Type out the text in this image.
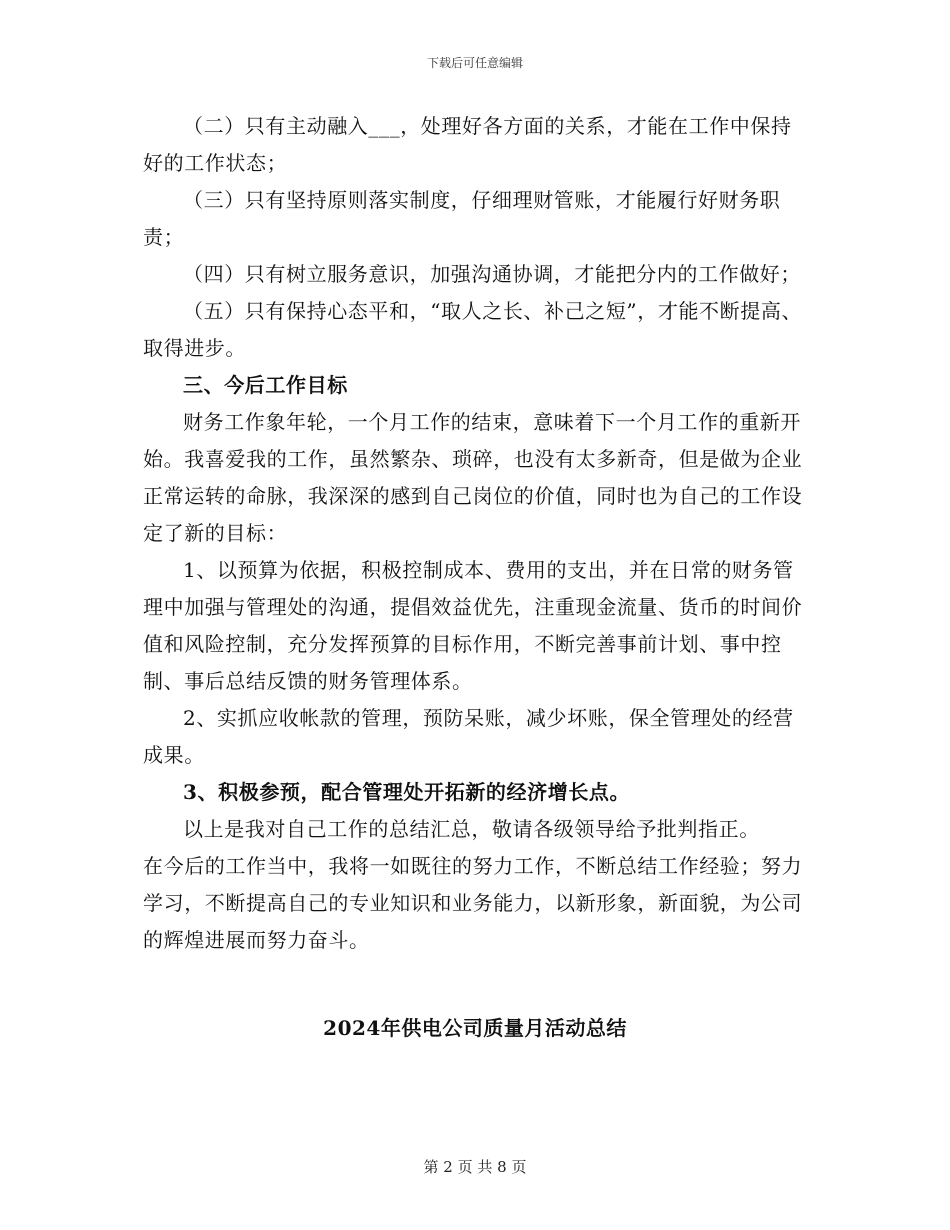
下载后可任意编辑

（二）只有主动融入___，处理好各方面的关系，才能在工作中保持好的工作状态；

（三）只有坚持原则落实制度，仔细理财管账，才能履行好财务职责；

（四）只有树立服务意识，加强沟通协调，才能把分内的工作做好；

（五）只有保持心态平和，“取人之长、补己之短”，才能不断提高、取得进步。

三、今后工作目标

财务工作象年轮，一个月工作的结束，意味着下一个月工作的重新开始。我喜爱我的工作，虽然繁杂、琐碎，也没有太多新奇，但是做为企业正常运转的命脉，我深深的感到自己岗位的价值，同时也为自己的工作设定了新的目标：

1、以预算为依据，积极控制成本、费用的支出，并在日常的财务管理中加强与管理处的沟通，提倡效益优先，注重现金流量、货币的时间价值和风险控制，充分发挥预算的目标作用，不断完善事前计划、事中控制、事后总结反馈的财务管理体系。

2、实抓应收帐款的管理，预防呆账，减少坏账，保全管理处的经营成果。

3、积极参预，配合管理处开拓新的经济增长点。

以上是我对自己工作的总结汇总，敬请各级领导给予批判指正。

在今后的工作当中，我将一如既往的努力工作，不断总结工作经验；努力学习，不断提高自己的专业知识和业务能力，以新形象，新面貌，为公司的辉煌进展而努力奋斗。

2024年供电公司质量月活动总结
第 2 页 共 8 页
